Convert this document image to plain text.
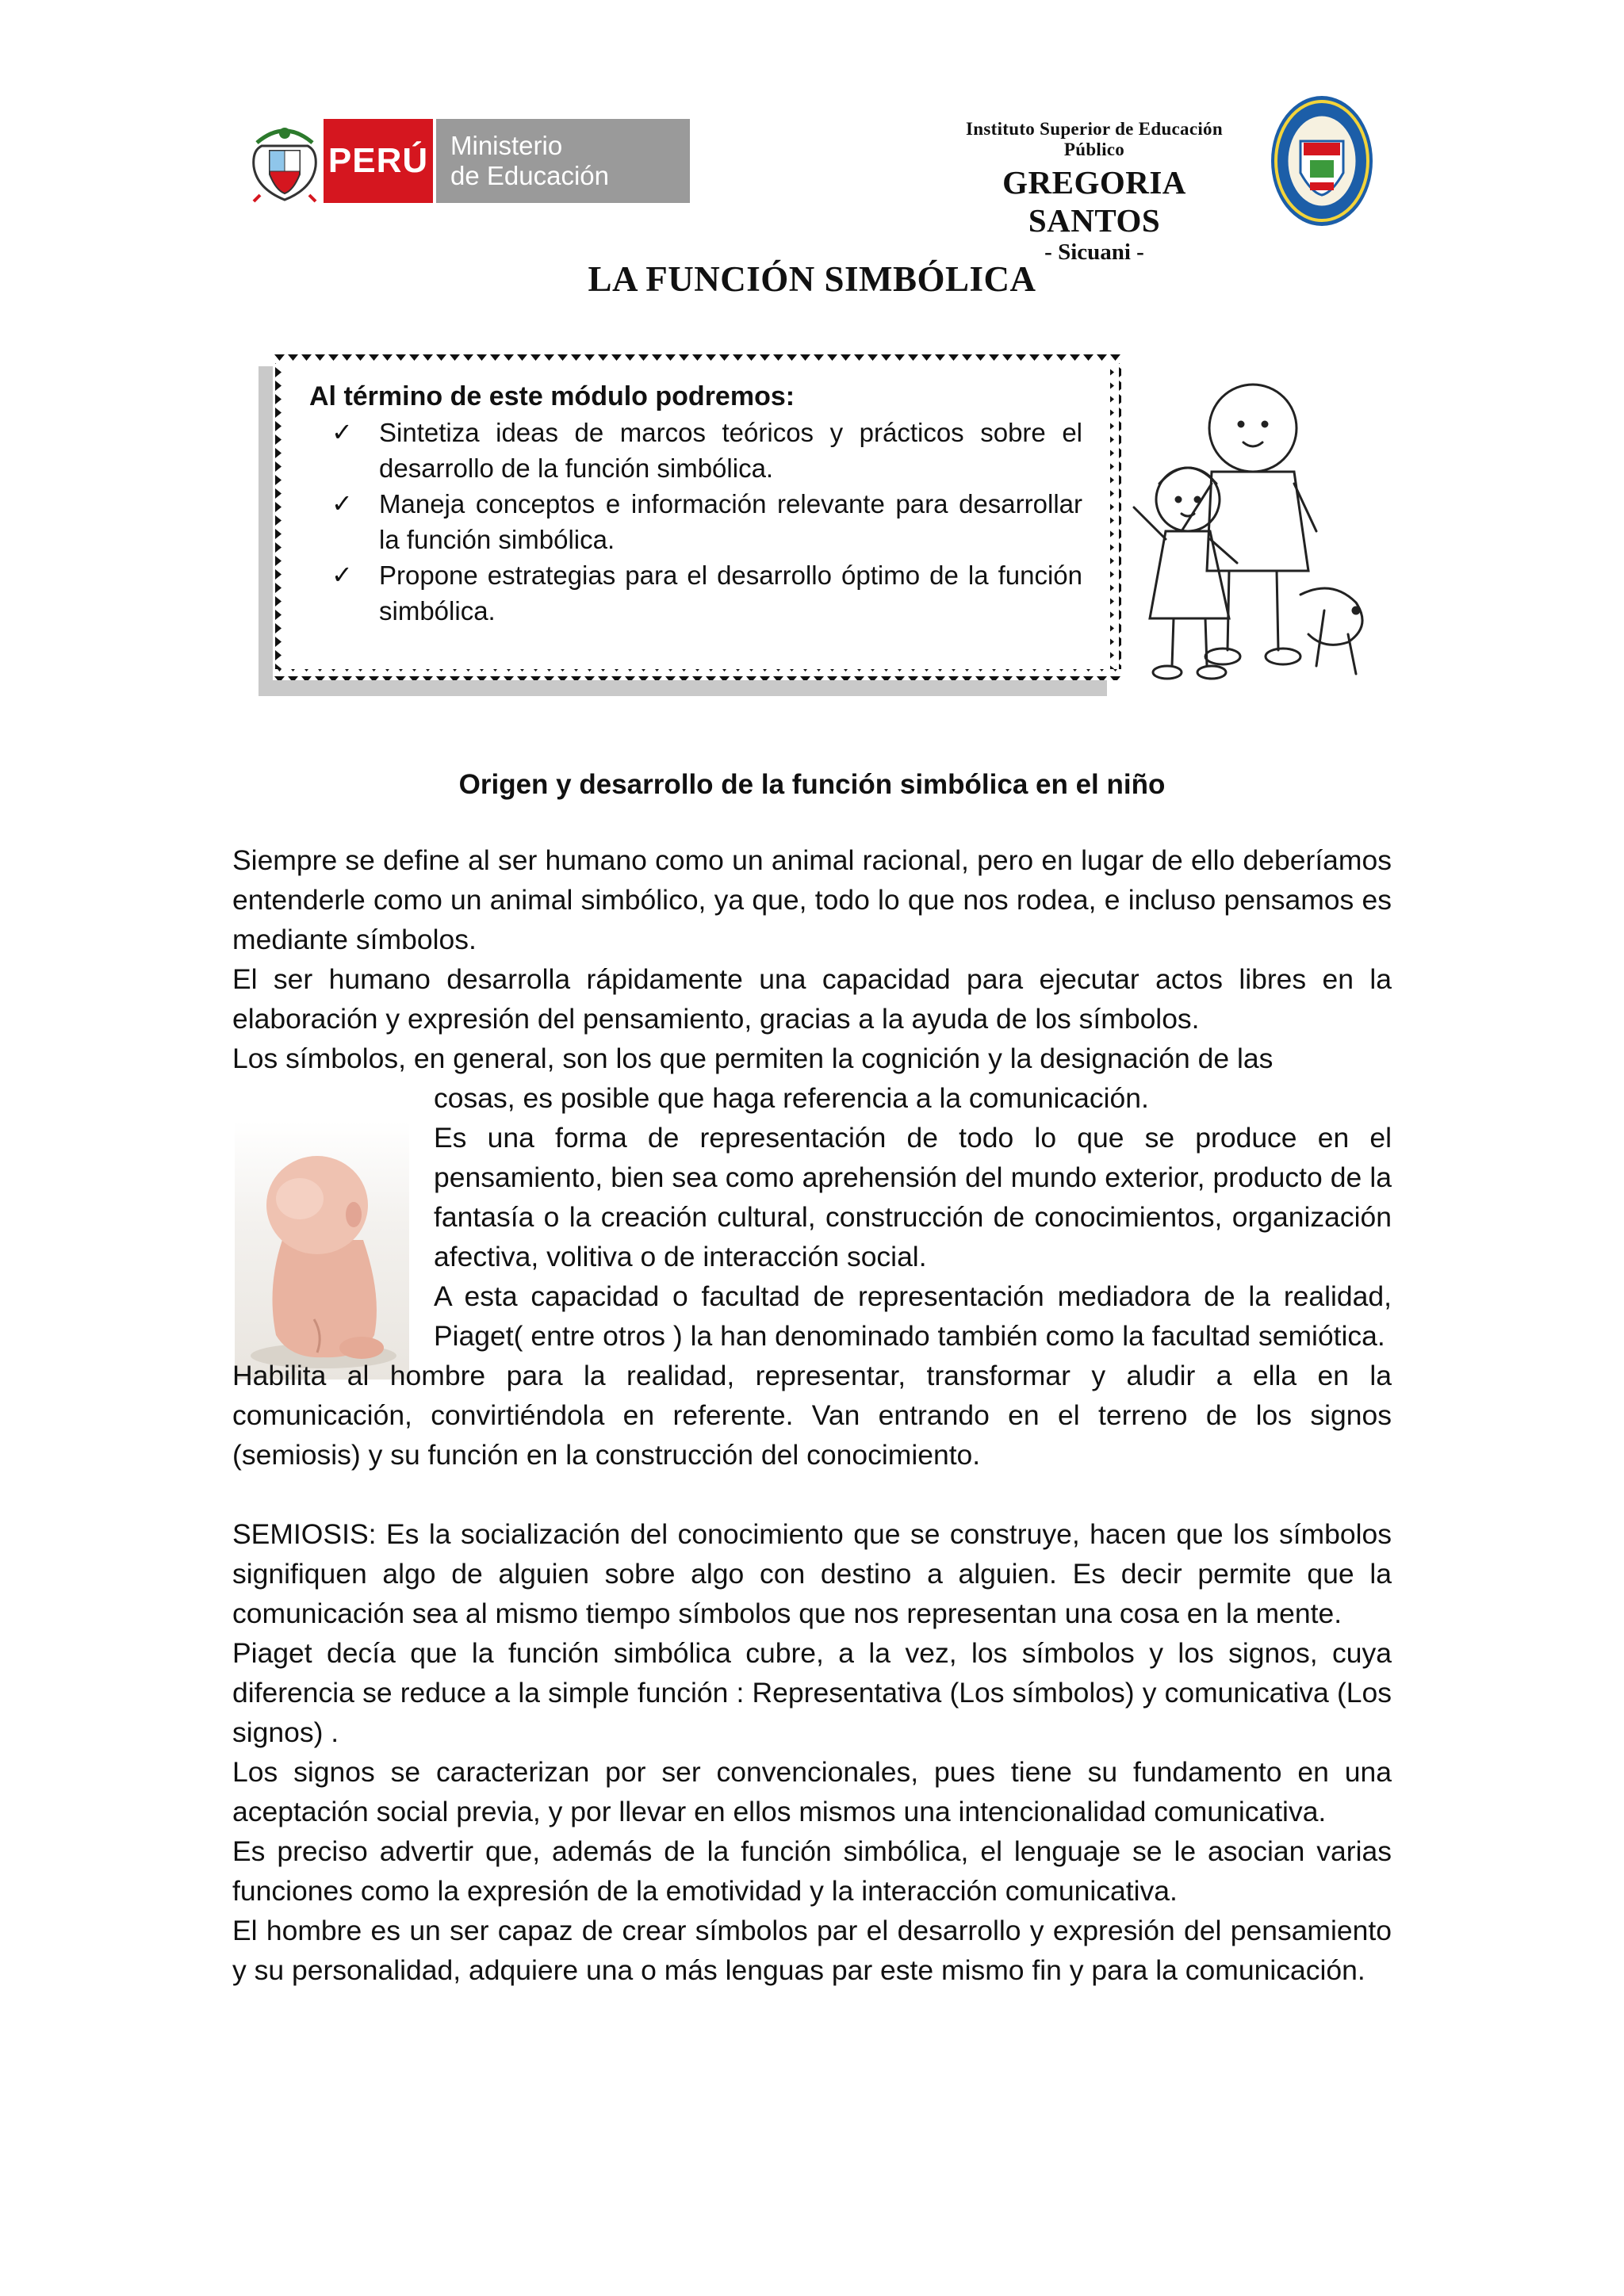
PERÚ Ministerio
de Educación
Instituto Superior de Educación Público
GREGORIA SANTOS
- Sicuani -
LA FUNCIÓN SIMBÓLICA
Al término de este módulo podremos:
✓	Sintetiza ideas de marcos teóricos y prácticos sobre el desarrollo de la función simbólica.
✓	Maneja conceptos e información relevante para desarrollar la función simbólica.
✓	Propone estrategias para el desarrollo óptimo de la función simbólica.
Origen y desarrollo de la función simbólica en el niño

Siempre se define al ser humano como un animal racional, pero en lugar de ello deberíamos entenderle como un animal simbólico, ya que, todo lo que nos rodea, e incluso pensamos es mediante símbolos.

El ser humano desarrolla rápidamente una capacidad para ejecutar actos libres en la elaboración y expresión del pensamiento, gracias a la ayuda de los símbolos.

Los símbolos, en general, son los que permiten la cognición y la designación de las

cosas, es posible que haga referencia a la comunicación.

Es una forma de representación de todo lo que se produce en el pensamiento, bien sea como aprehensión del mundo exterior, producto de la fantasía o la creación cultural, construcción de conocimientos, organización afectiva, volitiva o de interacción social.

A esta capacidad o facultad de representación mediadora de la realidad, Piaget( entre otros ) la han denominado también como la facultad semiótica.

Habilita al hombre para la realidad, representar, transformar y aludir a ella en la comunicación, convirtiéndola en referente. Van entrando en el terreno de los signos (semiosis) y su función en la construcción del conocimiento.

SEMIOSIS: Es la socialización del conocimiento que se construye, hacen que los símbolos signifiquen algo de alguien sobre algo con destino a alguien. Es decir permite que la comunicación sea al mismo tiempo símbolos que nos representan una cosa en la mente.

Piaget decía que la función simbólica cubre, a la vez, los símbolos y los signos, cuya diferencia se reduce a la simple función : Representativa (Los símbolos) y comunicativa (Los signos) .

Los signos se caracterizan por ser convencionales, pues tiene su fundamento en una aceptación social previa, y por llevar en ellos mismos una intencionalidad comunicativa.

Es preciso advertir que, además de la función simbólica, el lenguaje se le asocian varias funciones como la expresión de la emotividad y la interacción comunicativa.

El hombre es un ser capaz de crear símbolos par el desarrollo y expresión del pensamiento y su personalidad, adquiere una o más lenguas par este mismo fin y para la comunicación.
